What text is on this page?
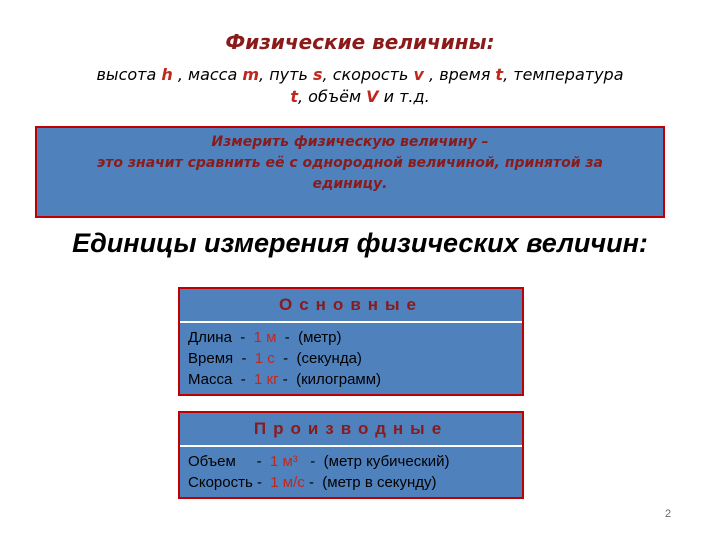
Физические величины:
высота h , масса m, путь s, скорость v , время t, температура
t, объём V и т.д.
Измерить физическую величину –
это значит сравнить её с однородной величиной, принятой за
единицу.
Единицы измерения физических величин:
Основные
Длина  -  1 м  -  (метр)
Время  -  1 с  -  (секунда)
Масса  -  1 кг -  (килограмм)
Производные
Объем     -  1 м³   -  (метр кубический)
Скорость -  1 м/с -  (метр в секунду)
2
